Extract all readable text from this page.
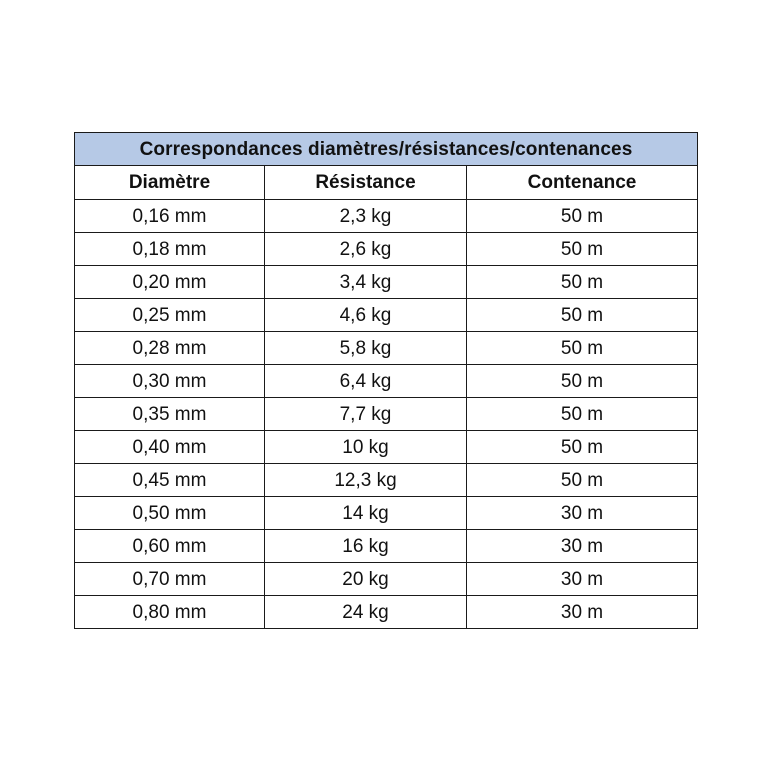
Correspondances diamètres/résistances/contenances		
Diamètre	Résistance	Contenance
0,16 mm	2,3 kg	50 m
0,18 mm	2,6 kg	50 m
0,20 mm	3,4 kg	50 m
0,25 mm	4,6 kg	50 m
0,28 mm	5,8 kg	50 m
0,30 mm	6,4 kg	50 m
0,35 mm	7,7 kg	50 m
0,40 mm	10 kg	50 m
0,45 mm	12,3 kg	50 m
0,50 mm	14 kg	30 m
0,60 mm	16 kg	30 m
0,70 mm	20 kg	30 m
0,80 mm	24 kg	30 m
